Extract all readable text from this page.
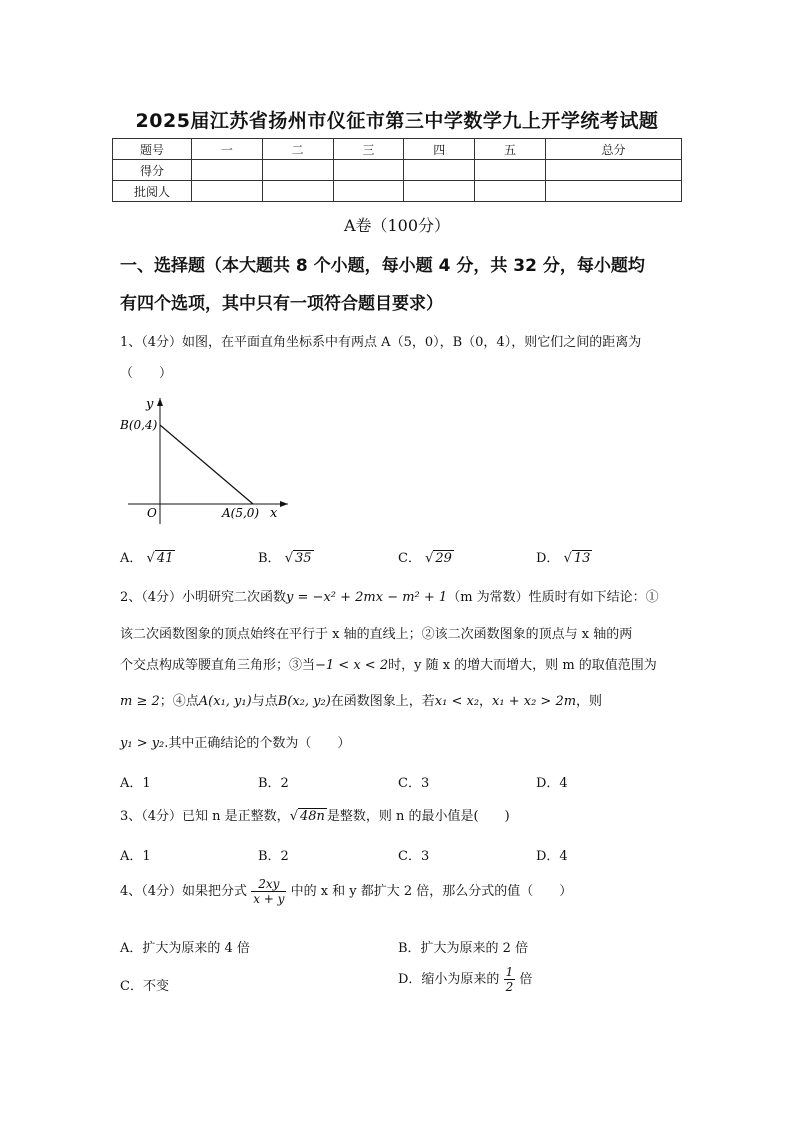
2025届江苏省扬州市仪征市第三中学数学九上开学统考试题
题号	一	二	三	四	五	总分
得分						
批阅人						
A卷（100分）
一、选择题（本大题共 8 个小题，每小题 4 分，共 32 分，每小题均
有四个选项，其中只有一项符合题目要求）
1、（4分）如图，在平面直角坐标系中有两点 A（5，0），B（0，4），则它们之间的距离为
（　　）
y
x
O
B(0,4)
A(5,0)
A． √ 41	B． √ 35	C． √ 29	D． √ 13
2、（4分）小明研究二次函数y = −x² + 2mx − m² + 1（m 为常数）性质时有如下结论：①
该二次函数图象的顶点始终在平行于 x 轴的直线上；②该二次函数图象的顶点与 x 轴的两
个交点构成等腰直角三角形；③当−1 < x < 2时，y 随 x 的增大而增大，则 m 的取值范围为
m ≥ 2；④点A(x₁, y₁)与点B(x₂, y₂)在函数图象上，若x₁ < x₂，x₁ + x₂ > 2m，则
y₁ > y₂.其中正确结论的个数为（　　）
A．1	B．2	C．3	D．4
3、（4分）已知 n 是正整数，√ 48n 是整数，则 n 的最小值是(　　)
A．1	B．2	C．3	D．4
4、（4分）如果把分式 $\frac{2xy}{x + y}$ 中的 x 和 y 都扩大 2 倍，那么分式的值（　　）
A．扩大为原来的 4 倍	B．扩大为原来的 2 倍
C．不变	D．缩小为原来的 $\frac{1}{2}$ 倍
